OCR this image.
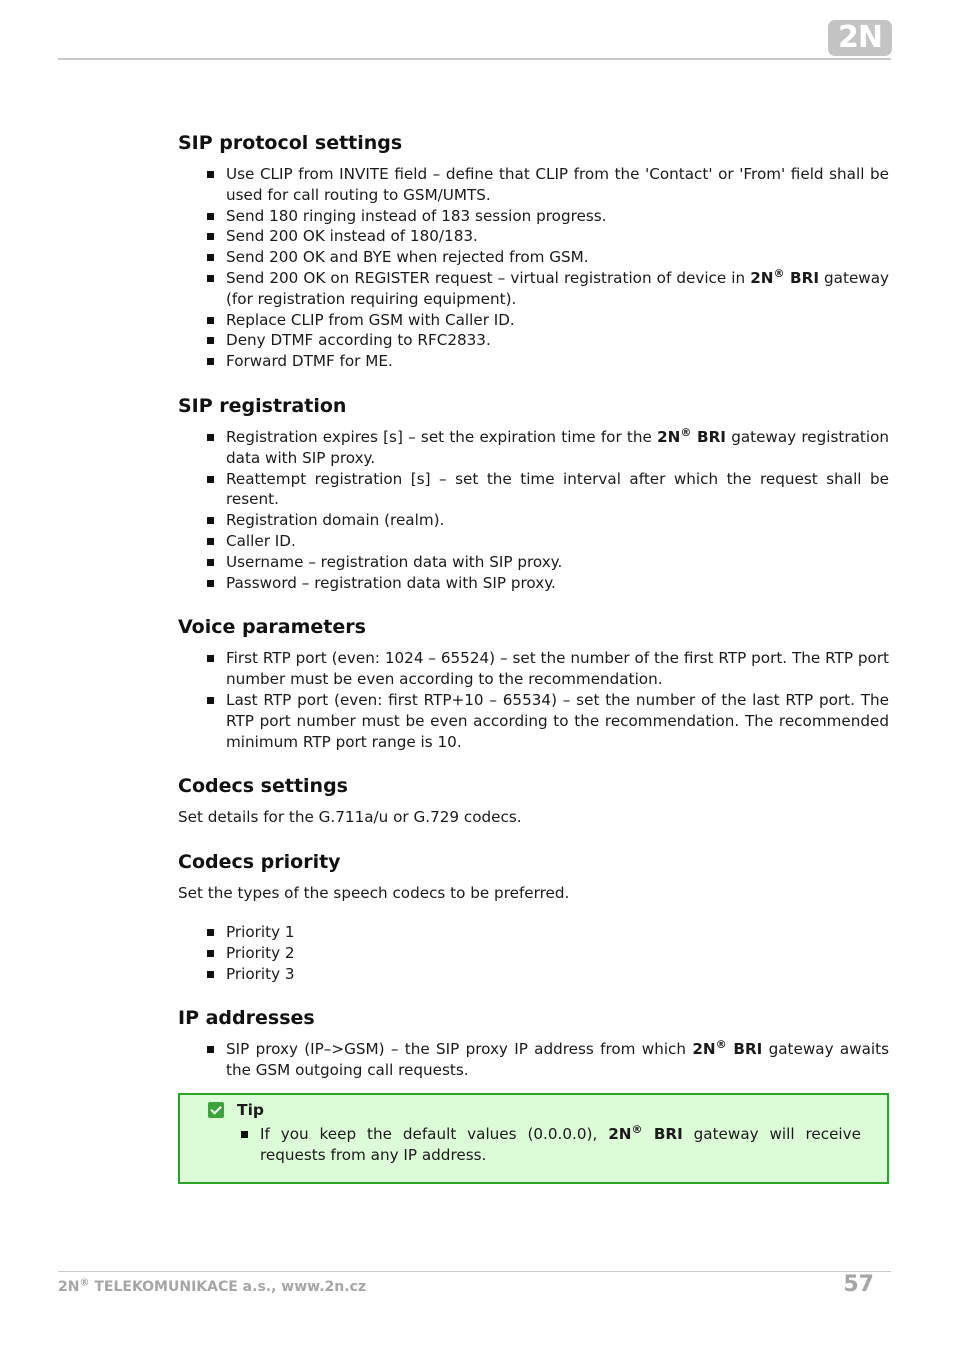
2N
SIP protocol settings
Use CLIP from INVITE field – define that CLIP from the 'Contact' or 'From' field shall be used for call routing to GSM/UMTS.
Send 180 ringing instead of 183 session progress.
Send 200 OK instead of 180/183.
Send 200 OK and BYE when rejected from GSM.
Send 200 OK on REGISTER request – virtual registration of device in 2N® BRI gateway (for registration requiring equipment).
Replace CLIP from GSM with Caller ID.
Deny DTMF according to RFC2833.
Forward DTMF for ME.
SIP registration
Registration expires [s] – set the expiration time for the 2N® BRI gateway registration data with SIP proxy.
Reattempt registration [s] – set the time interval after which the request shall be resent.
Registration domain (realm).
Caller ID.
Username – registration data with SIP proxy.
Password – registration data with SIP proxy.
Voice parameters
First RTP port (even: 1024 – 65524) – set the number of the first RTP port. The RTP port number must be even according to the recommendation.
Last RTP port (even: first RTP+10 – 65534) – set the number of the last RTP port. The RTP port number must be even according to the recommendation. The recommended minimum RTP port range is 10.
Codecs settings

Set details for the G.711a/u or G.729 codecs.

Codecs priority

Set the types of the speech codecs to be preferred.

Priority 1
Priority 2
Priority 3
IP addresses
SIP proxy (IP–>GSM) – the SIP proxy IP address from which 2N® BRI gateway awaits the GSM outgoing call requests.
Tip
If you keep the default values (0.0.0.0), 2N® BRI gateway will receive requests from any IP address.
2N® TELEKOMUNIKACE a.s., www.2n.cz	57
